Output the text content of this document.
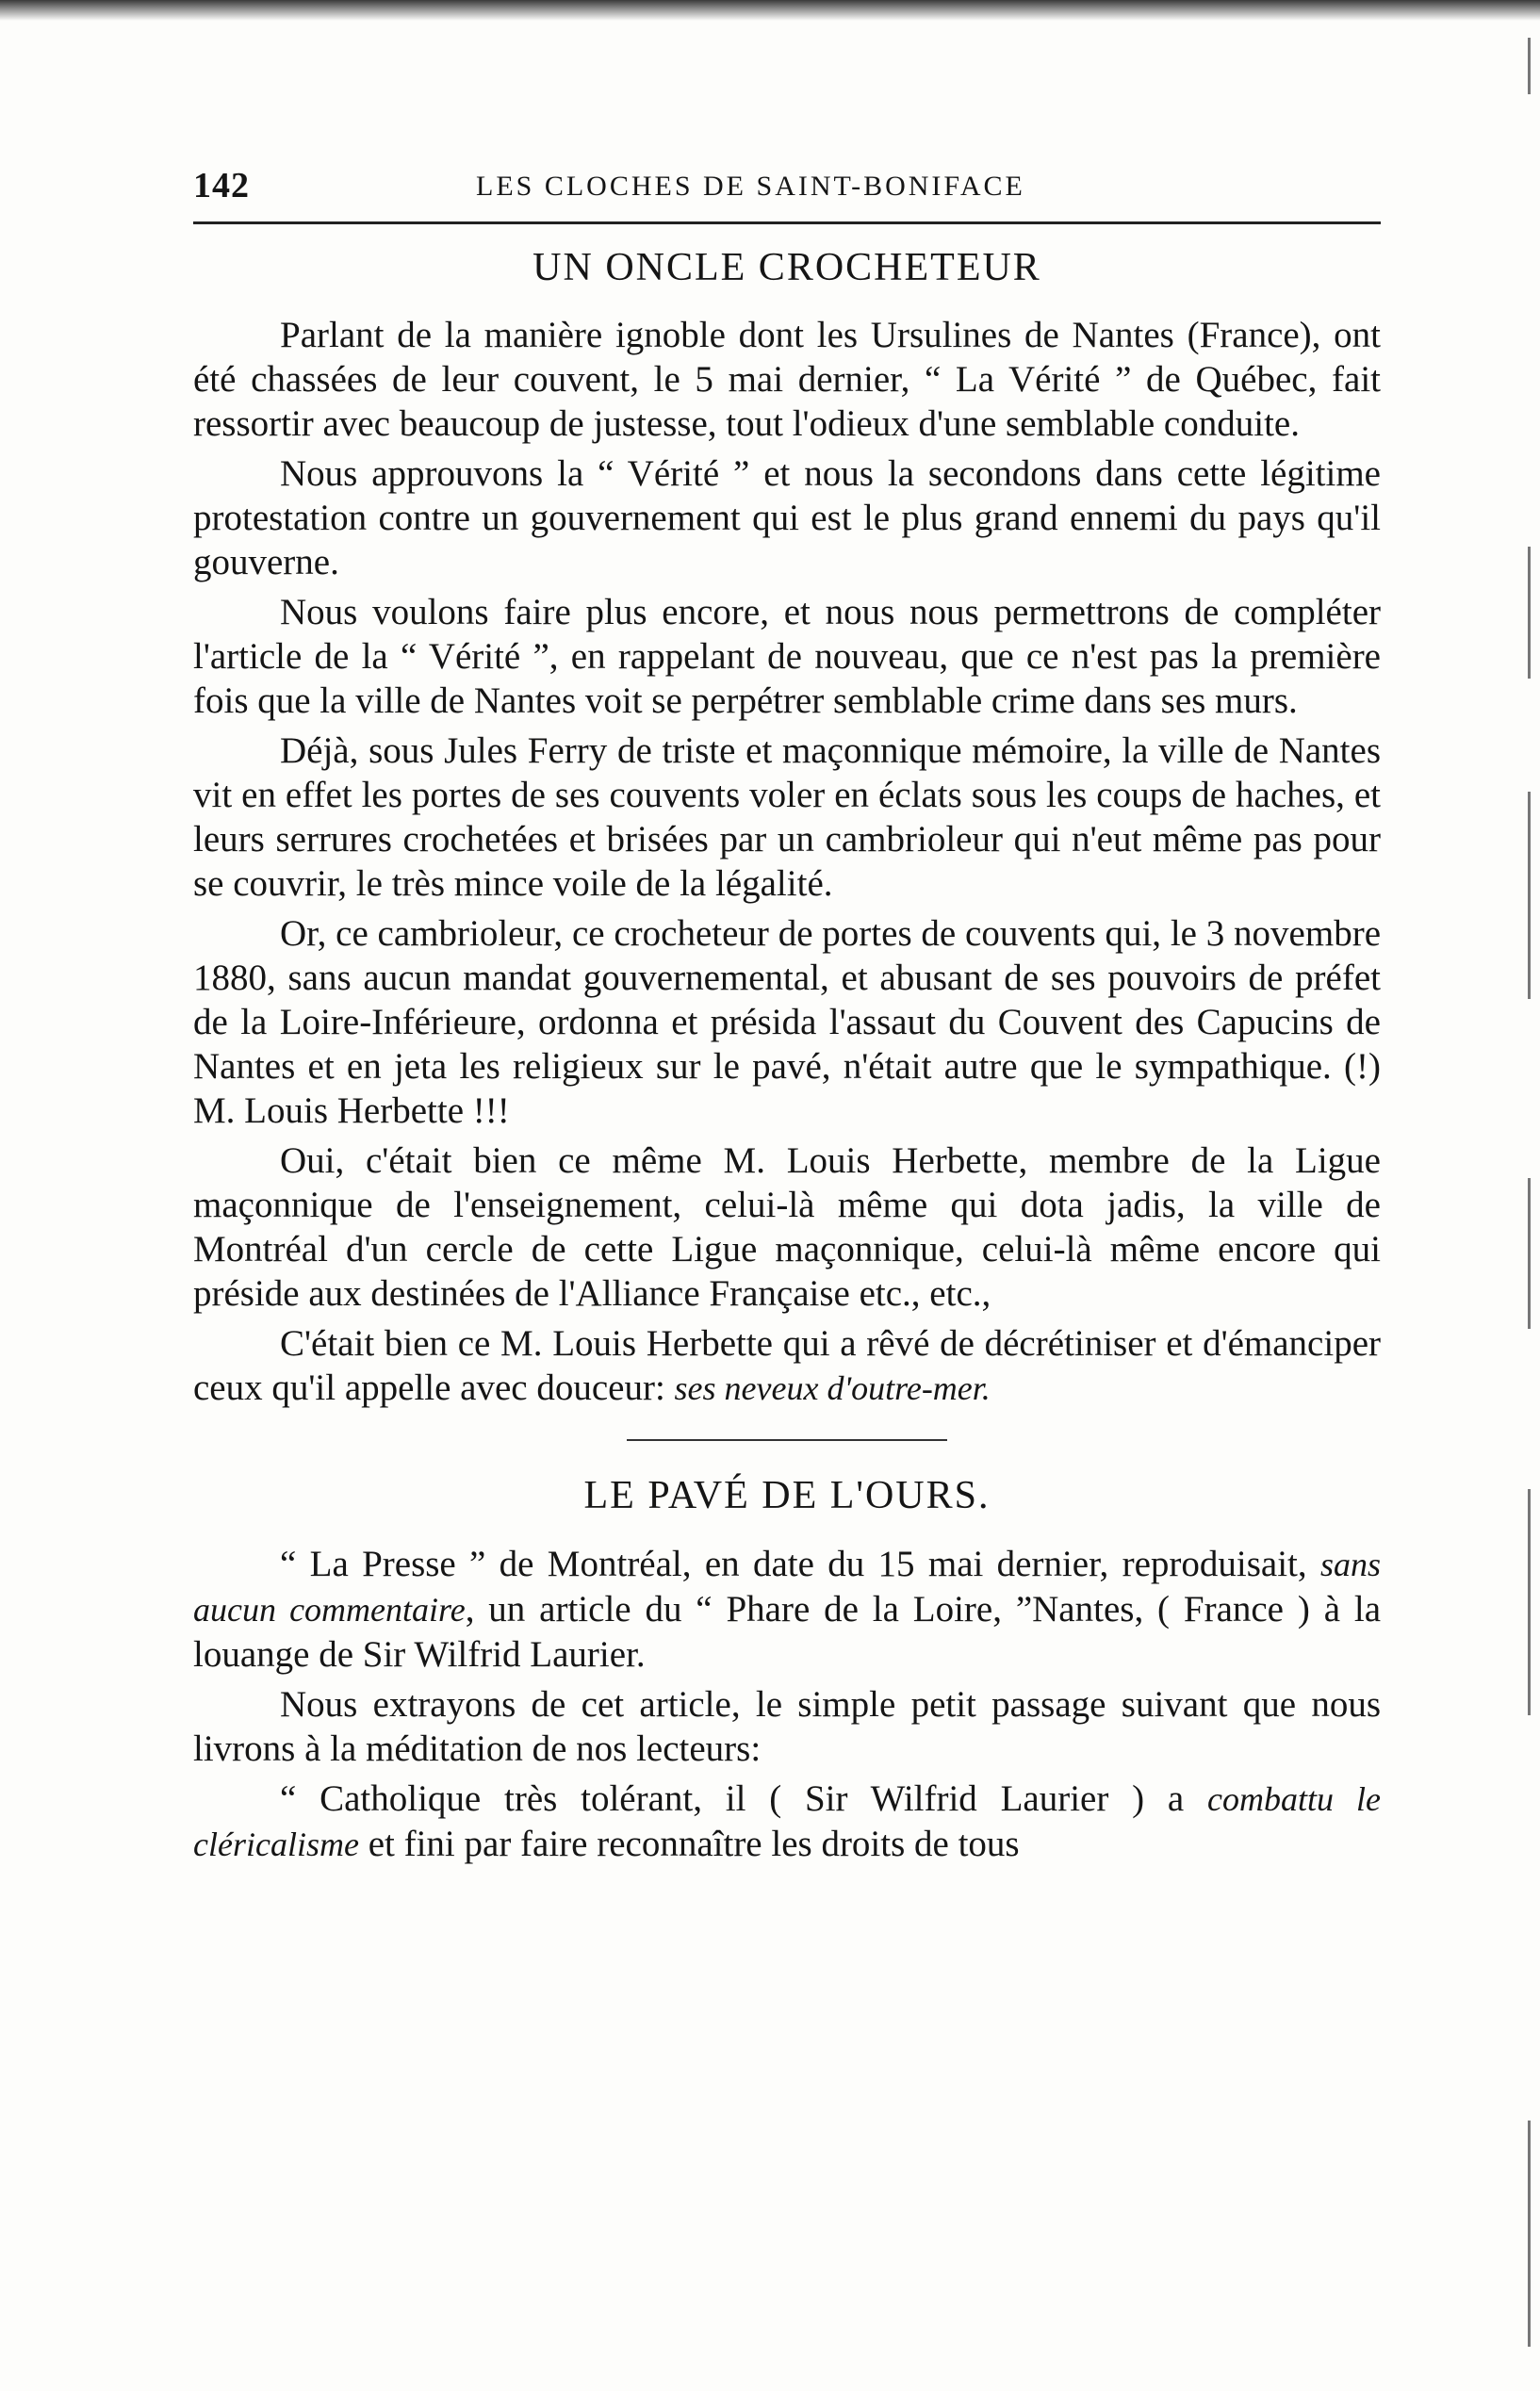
142	LES CLOCHES DE SAINT-BONIFACE
UN ONCLE CROCHETEUR

Parlant de la manière ignoble dont les Ursulines de Nantes (France), ont été chassées de leur couvent, le 5 mai dernier, “ La Vérité ” de Québec, fait ressortir avec beaucoup de justesse, tout l'odieux d'une semblable conduite.

Nous approuvons la “ Vérité ” et nous la secondons dans cette légitime protestation contre un gouvernement qui est le plus grand ennemi du pays qu'il gouverne.

Nous voulons faire plus encore, et nous nous permettrons de compléter l'article de la “ Vérité ”, en rappelant de nouveau, que ce n'est pas la première fois que la ville de Nantes voit se perpétrer semblable crime dans ses murs.

Déjà, sous Jules Ferry de triste et maçonnique mémoire, la ville de Nantes vit en effet les portes de ses couvents voler en éclats sous les coups de haches, et leurs serrures crochetées et brisées par un cambrioleur qui n'eut même pas pour se couvrir, le très mince voile de la légalité.

Or, ce cambrioleur, ce crocheteur de portes de couvents qui, le 3 novembre 1880, sans aucun mandat gouvernemental, et abusant de ses pouvoirs de préfet de la Loire-Inférieure, ordonna et présida l'assaut du Couvent des Capucins de Nantes et en jeta les religieux sur le pavé, n'était autre que le sympathique. (!) M. Louis Herbette !!!

Oui, c'était bien ce même M. Louis Herbette, membre de la Ligue maçonnique de l'enseignement, celui-là même qui dota jadis, la ville de Montréal d'un cercle de cette Ligue maçonnique, celui-là même encore qui préside aux destinées de l'Alliance Française etc., etc.,

C'était bien ce M. Louis Herbette qui a rêvé de décrétiniser et d'émanciper ceux qu'il appelle avec douceur: ses neveux d'outre-mer.

LE PAVÉ DE L'OURS.

“ La Presse ” de Montréal, en date du 15 mai dernier, reproduisait, sans aucun commentaire, un article du “ Phare de la Loire, ”Nantes, ( France ) à la louange de Sir Wilfrid Laurier.

Nous extrayons de cet article, le simple petit passage suivant que nous livrons à la méditation de nos lecteurs:

“ Catholique très tolérant, il ( Sir Wilfrid Laurier ) a combattu le cléricalisme et fini par faire reconnaître les droits de tous
